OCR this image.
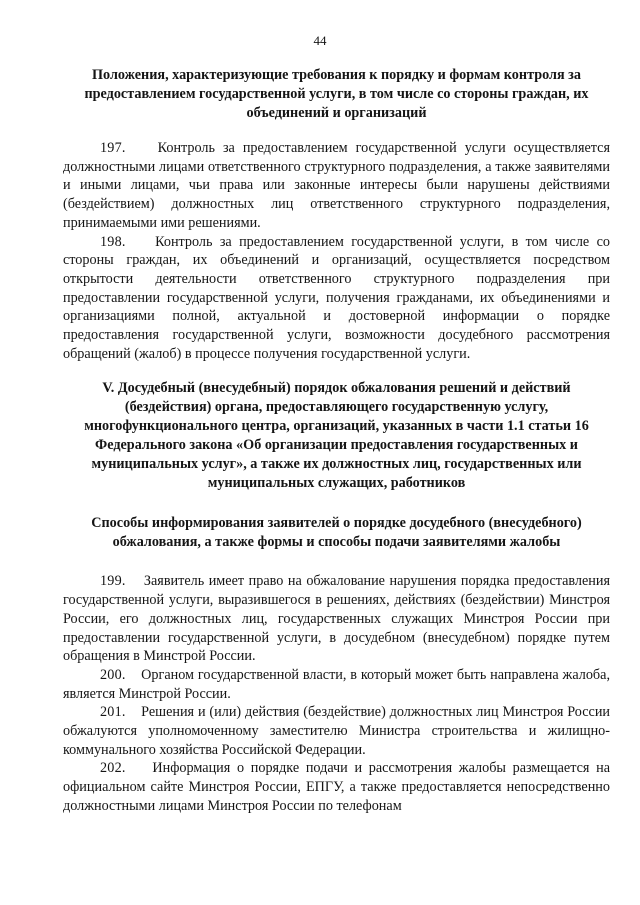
44
Положения, характеризующие требования к порядку и формам контроля за предоставлением государственной услуги, в том числе со стороны граждан, их объединений и организаций

197. Контроль за предоставлением государственной услуги осуществляется должностными лицами ответственного структурного подразделения, а также заявителями и иными лицами, чьи права или законные интересы были нарушены действиями (бездействием) должностных лиц ответственного структурного подразделения, принимаемыми ими решениями.

198. Контроль за предоставлением государственной услуги, в том числе со стороны граждан, их объединений и организаций, осуществляется посредством открытости деятельности ответственного структурного подразделения при предоставлении государственной услуги, получения гражданами, их объединениями и организациями полной, актуальной и достоверной информации о порядке предоставления государственной услуги, возможности досудебного рассмотрения обращений (жалоб) в процессе получения государственной услуги.

V. Досудебный (внесудебный) порядок обжалования решений и действий (бездействия) органа, предоставляющего государственную услугу, многофункционального центра, организаций, указанных в части 1.1 статьи 16 Федерального закона «Об организации предоставления государственных и муниципальных услуг», а также их должностных лиц, государственных или муниципальных служащих, работников
Способы информирования заявителей о порядке досудебного (внесудебного) обжалования, а также формы и способы подачи заявителями жалобы

199. Заявитель имеет право на обжалование нарушения порядка предоставления государственной услуги, выразившегося в решениях, действиях (бездействии) Минстроя России, его должностных лиц, государственных служащих Минстроя России при предоставлении государственной услуги, в досудебном (внесудебном) порядке путем обращения в Минстрой России.

200. Органом государственной власти, в который может быть направлена жалоба, является Минстрой России.

201. Решения и (или) действия (бездействие) должностных лиц Минстроя России обжалуются уполномоченному заместителю Министра строительства и жилищно-коммунального хозяйства Российской Федерации.

202. Информация о порядке подачи и рассмотрения жалобы размещается на официальном сайте Минстроя России, ЕПГУ, а также предоставляется непосредственно должностными лицами Минстроя России по телефонам
